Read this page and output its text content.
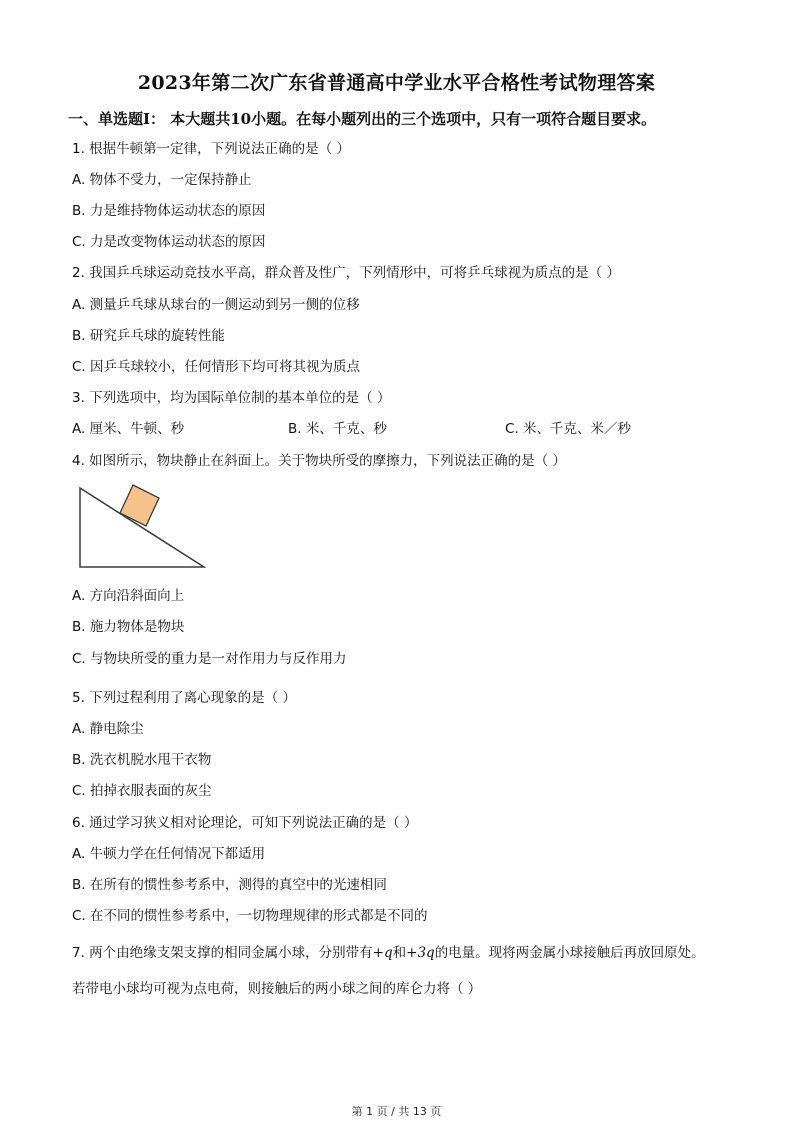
2023年第二次广东省普通高中学业水平合格性考试物理答案
一、单选题Ⅰ： 本大题共10小题。在每小题列出的三个选项中，只有一项符合题目要求。
1. 根据牛顿第一定律，下列说法正确的是（ ）
A. 物体不受力，一定保持静止
B. 力是维持物体运动状态的原因
C. 力是改变物体运动状态的原因
2. 我国乒乓球运动竞技水平高，群众普及性广，下列情形中，可将乒乓球视为质点的是（ ）
A. 测量乒乓球从球台的一侧运动到另一侧的位移
B. 研究乒乓球的旋转性能
C. 因乒乓球较小，任何情形下均可将其视为质点
3. 下列选项中，均为国际单位制的基本单位的是（ ）
A. 厘米、牛顿、秒	B. 米、千克、秒	C. 米、千克、米／秒
4. 如图所示，物块静止在斜面上。关于物块所受的摩擦力，下列说法正确的是（ ）
A. 方向沿斜面向上
B. 施力物体是物块
C. 与物块所受的重力是一对作用力与反作用力
5. 下列过程利用了离心现象的是（ ）
A. 静电除尘
B. 洗衣机脱水甩干衣物
C. 拍掉衣服表面的灰尘
6. 通过学习狭义相对论理论，可知下列说法正确的是（ ）
A. 牛顿力学在任何情况下都适用
B. 在所有的惯性参考系中，测得的真空中的光速相同
C. 在不同的惯性参考系中，一切物理规律的形式都是不同的
7. 两个由绝缘支架支撑的相同金属小球，分别带有+q和+3q的电量。现将两金属小球接触后再放回原处。
若带电小球均可视为点电荷，则接触后的两小球之间的库仑力将（ ）
第 1 页 / 共 13 页
